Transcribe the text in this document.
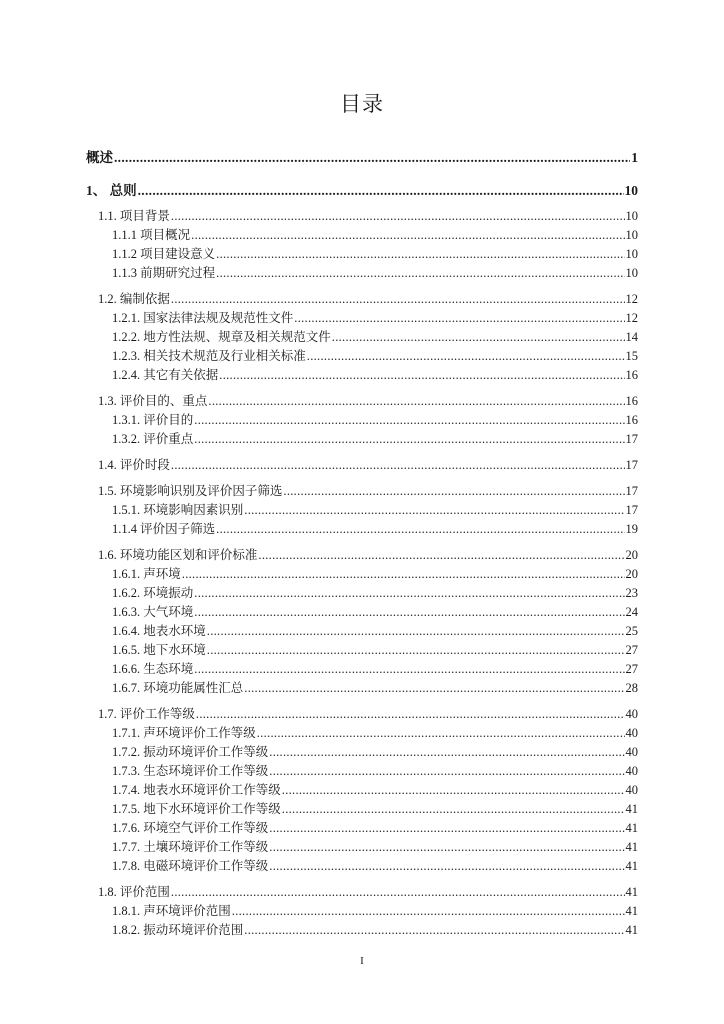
目录
概述 .....	1
1、 总则 .....	10
1.1. 项目背景 .....	10
1.1.1 项目概况 .....	10
1.1.2 项目建设意义 .....	10
1.1.3 前期研究过程 .....	10
1.2. 编制依据 .....	12
1.2.1. 国家法律法规及规范性文件 .....	12
1.2.2. 地方性法规、规章及相关规范文件 .....	14
1.2.3. 相关技术规范及行业相关标准 .....	15
1.2.4. 其它有关依据 .....	16
1.3. 评价目的、重点 .....	16
1.3.1. 评价目的 .....	16
1.3.2. 评价重点 .....	17
1.4. 评价时段 .....	17
1.5. 环境影响识别及评价因子筛选 .....	17
1.5.1. 环境影响因素识别 .....	17
1.1.4 评价因子筛选 .....	19
1.6. 环境功能区划和评价标准 .....	20
1.6.1. 声环境 .....	20
1.6.2. 环境振动 .....	23
1.6.3. 大气环境 .....	24
1.6.4. 地表水环境 .....	25
1.6.5. 地下水环境 .....	27
1.6.6. 生态环境 .....	27
1.6.7. 环境功能属性汇总 .....	28
1.7. 评价工作等级 .....	40
1.7.1. 声环境评价工作等级 .....	40
1.7.2. 振动环境评价工作等级 .....	40
1.7.3. 生态环境评价工作等级 .....	40
1.7.4. 地表水环境评价工作等级 .....	40
1.7.5. 地下水环境评价工作等级 .....	41
1.7.6. 环境空气评价工作等级 .....	41
1.7.7. 土壤环境评价工作等级 .....	41
1.7.8. 电磁环境评价工作等级 .....	41
1.8. 评价范围 .....	41
1.8.1. 声环境评价范围 .....	41
1.8.2. 振动环境评价范围 .....	41
I
